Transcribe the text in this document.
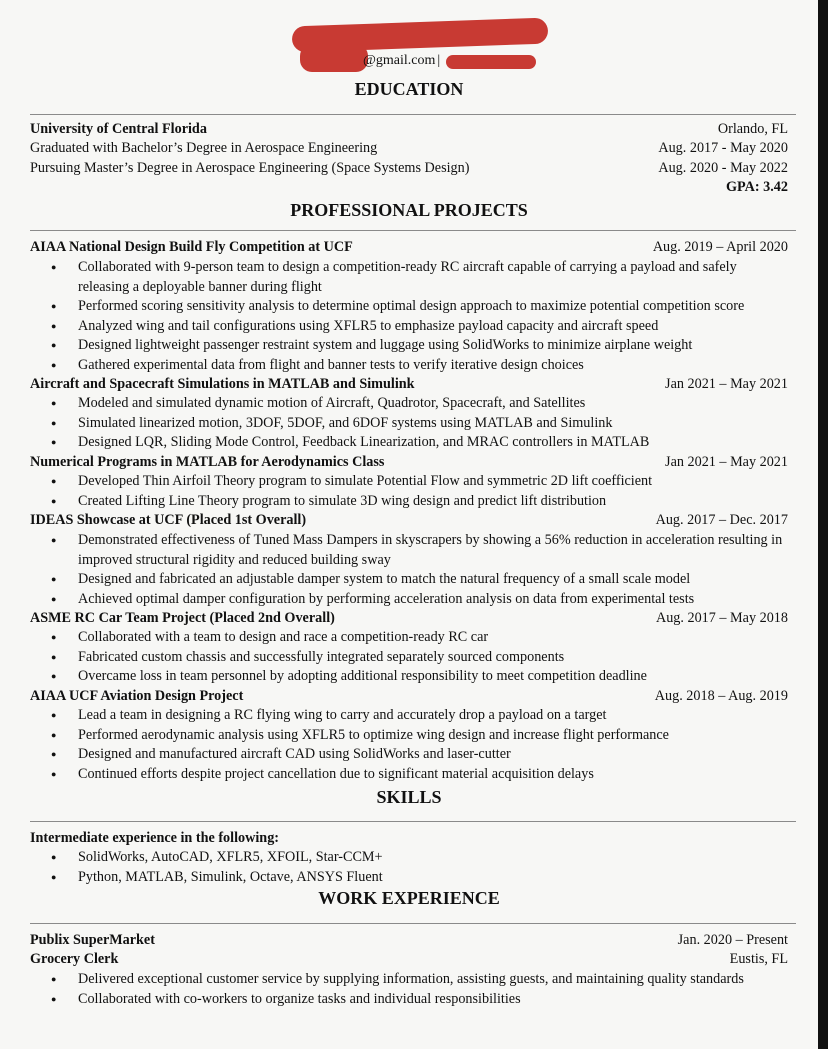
@gmail.com |
EDUCATION
University of Central Florida	Orlando, FL
Graduated with Bachelor’s Degree in Aerospace Engineering	Aug. 2017 - May 2020
Pursuing Master’s Degree in Aerospace Engineering (Space Systems Design)	Aug. 2020 - May 2022
GPA: 3.42
PROFESSIONAL PROJECTS
AIAA National Design Build Fly Competition at UCF	Aug. 2019 – April 2020
● Collaborated with 9-person team to design a competition-ready RC aircraft capable of carrying a payload and safely releasing a deployable banner during flight
● Performed scoring sensitivity analysis to determine optimal design approach to maximize potential competition score
● Analyzed wing and tail configurations using XFLR5 to emphasize payload capacity and aircraft speed
● Designed lightweight passenger restraint system and luggage using SolidWorks to minimize airplane weight
● Gathered experimental data from flight and banner tests to verify iterative design choices
Aircraft and Spacecraft Simulations in MATLAB and Simulink	Jan 2021 – May 2021
● Modeled and simulated dynamic motion of Aircraft, Quadrotor, Spacecraft, and Satellites
● Simulated linearized motion, 3DOF, 5DOF, and 6DOF systems using MATLAB and Simulink
● Designed LQR, Sliding Mode Control, Feedback Linearization, and MRAC controllers in MATLAB
Numerical Programs in MATLAB for Aerodynamics Class	Jan 2021 – May 2021
● Developed Thin Airfoil Theory program to simulate Potential Flow and symmetric 2D lift coefficient
● Created Lifting Line Theory program to simulate 3D wing design and predict lift distribution
IDEAS Showcase at UCF (Placed 1st Overall)	Aug. 2017 – Dec. 2017
● Demonstrated effectiveness of Tuned Mass Dampers in skyscrapers by showing a 56% reduction in acceleration resulting in improved structural rigidity and reduced building sway
● Designed and fabricated an adjustable damper system to match the natural frequency of a small scale model
● Achieved optimal damper configuration by performing acceleration analysis on data from experimental tests
ASME RC Car Team Project (Placed 2nd Overall)	Aug. 2017 – May 2018
● Collaborated with a team to design and race a competition-ready RC car
● Fabricated custom chassis and successfully integrated separately sourced components
● Overcame loss in team personnel by adopting additional responsibility to meet competition deadline
AIAA UCF Aviation Design Project	Aug. 2018 – Aug. 2019
● Lead a team in designing a RC flying wing to carry and accurately drop a payload on a target
● Performed aerodynamic analysis using XFLR5 to optimize wing design and increase flight performance
● Designed and manufactured aircraft CAD using SolidWorks and laser-cutter
● Continued efforts despite project cancellation due to significant material acquisition delays
SKILLS
Intermediate experience in the following:
● SolidWorks, AutoCAD, XFLR5, XFOIL, Star-CCM+
● Python, MATLAB, Simulink, Octave, ANSYS Fluent
WORK EXPERIENCE
Publix SuperMarket	Jan. 2020 – Present
Grocery Clerk	Eustis, FL
● Delivered exceptional customer service by supplying information, assisting guests, and maintaining quality standards
● Collaborated with co-workers to organize tasks and individual responsibilities
